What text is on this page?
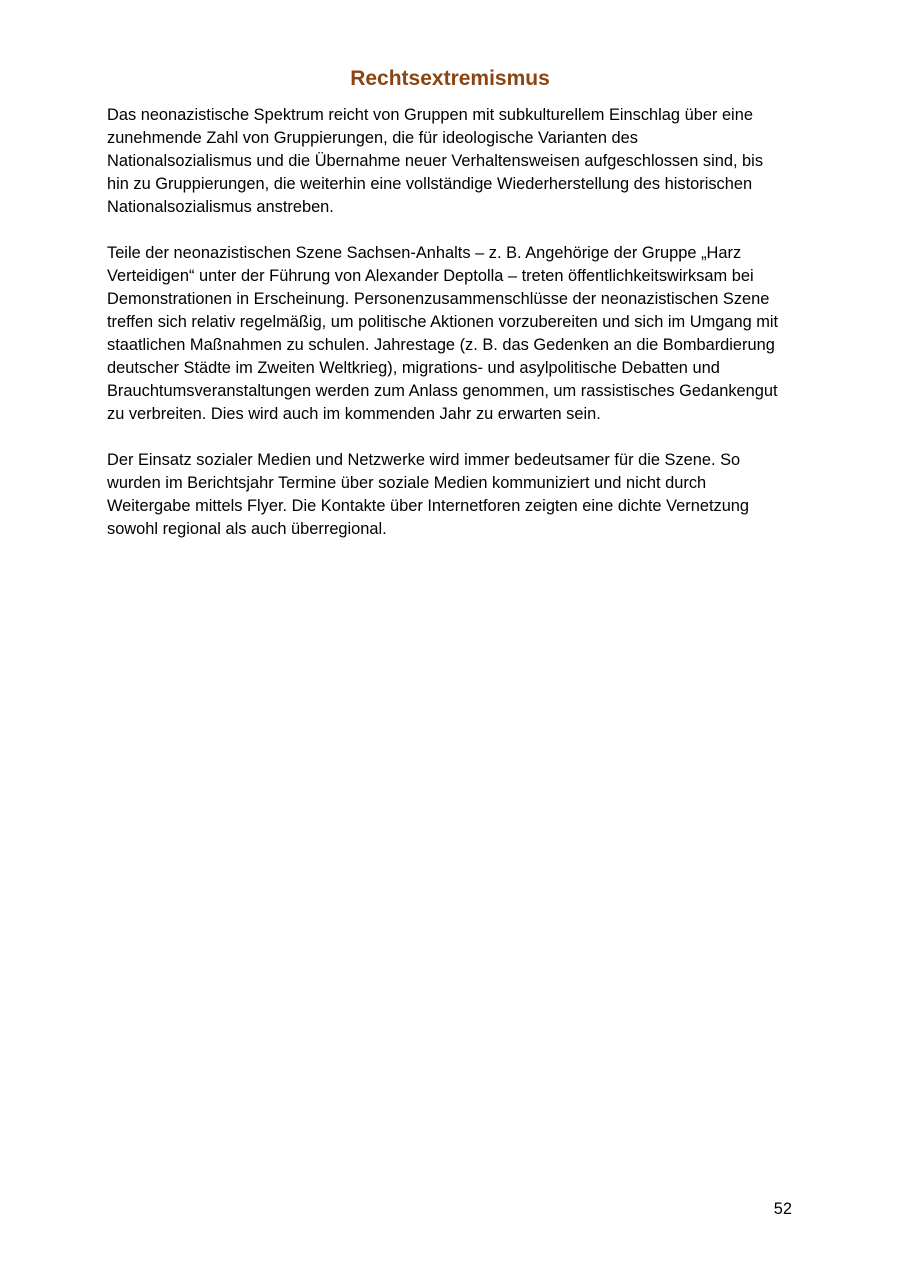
Rechtsextremismus

Das neonazistische Spektrum reicht von Gruppen mit subkulturellem Einschlag über eine
zunehmende Zahl von Gruppierungen, die für ideologische Varianten des
Nationalsozialismus und die Übernahme neuer Verhaltensweisen aufgeschlossen sind, bis
hin zu Gruppierungen, die weiterhin eine vollständige Wiederherstellung des historischen
Nationalsozialismus anstreben.

Teile der neonazistischen Szene Sachsen-Anhalts – z. B. Angehörige der Gruppe „Harz
Verteidigen“ unter der Führung von Alexander Deptolla – treten öffentlichkeitswirksam bei
Demonstrationen in Erscheinung. Personenzusammenschlüsse der neonazistischen Szene
treffen sich relativ regelmäßig, um politische Aktionen vorzubereiten und sich im Umgang mit
staatlichen Maßnahmen zu schulen. Jahrestage (z. B. das Gedenken an die Bombardierung
deutscher Städte im Zweiten Weltkrieg), migrations- und asylpolitische Debatten und
Brauchtumsveranstaltungen werden zum Anlass genommen, um rassistisches Gedankengut
zu verbreiten. Dies wird auch im kommenden Jahr zu erwarten sein.

Der Einsatz sozialer Medien und Netzwerke wird immer bedeutsamer für die Szene. So
wurden im Berichtsjahr Termine über soziale Medien kommuniziert und nicht durch
Weitergabe mittels Flyer. Die Kontakte über Internetforen zeigten eine dichte Vernetzung
sowohl regional als auch überregional.

52
